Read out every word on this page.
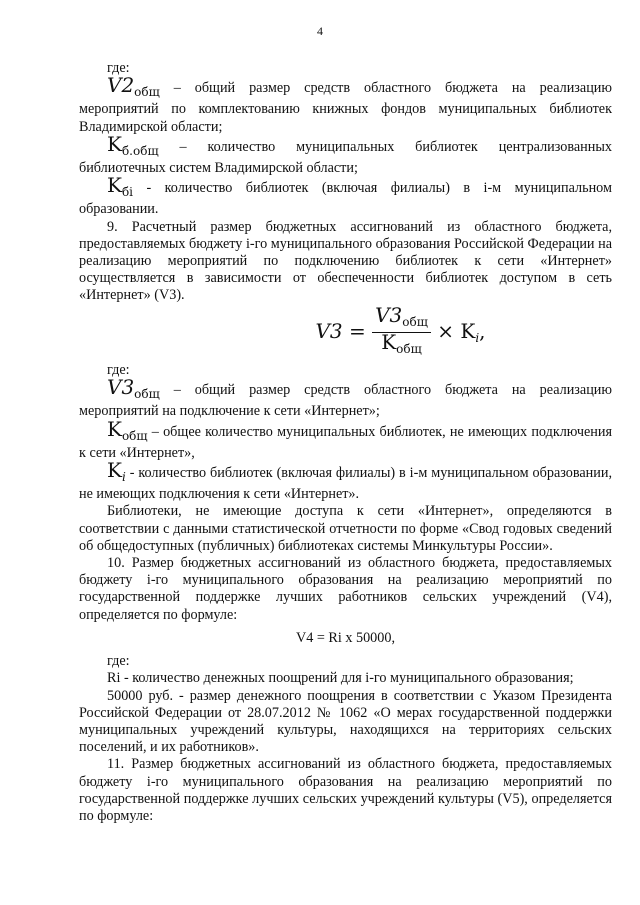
4

где:

$V2_{общ}$ – общий размер средств областного бюджета на реализацию мероприятий по комплектованию книжных фондов муниципальных библиотек Владимирской области;

$K_{б.общ}$ – количество муниципальных библиотек централизованных библиотечных систем Владимирской области;

$K_{бi}$ - количество библиотек (включая филиалы) в i-м муниципальном образовании.

9. Расчетный размер бюджетных ассигнований из областного бюджета, предоставляемых бюджету i-го муниципального образования Российской Федерации на реализацию мероприятий по подключению библиотек к сети «Интернет» осуществляется в зависимости от обеспеченности библиотек доступом в сеть «Интернет» (V3).

$V3 = \frac{V3_{общ}}{K_{общ}} \times K_i$,

где:

$V3_{общ}$ – общий размер средств областного бюджета на реализацию мероприятий на подключение к сети «Интернет»;

$K_{общ}$ – общее количество муниципальных библиотек, не имеющих подключения к сети «Интернет»,

$K_i$ - количество библиотек (включая филиалы) в i-м муниципальном образовании, не имеющих подключения к сети «Интернет».

Библиотеки, не имеющие доступа к сети «Интернет», определяются в соответствии с данными статистической отчетности по форме «Свод годовых сведений об общедоступных (публичных) библиотеках системы Минкультуры России».

10. Размер бюджетных ассигнований из областного бюджета, предоставляемых бюджету i-го муниципального образования на реализацию мероприятий по государственной поддержке лучших работников сельских учреждений (V4), определяется по формуле:

V4 = Ri x 50000,

где:

Ri - количество денежных поощрений для i-го муниципального образования;

50000 руб. - размер денежного поощрения в соответствии с Указом Президента Российской Федерации от 28.07.2012 № 1062 «О мерах государственной поддержки муниципальных учреждений культуры, находящихся на территориях сельских поселений, и их работников».

11. Размер бюджетных ассигнований из областного бюджета, предоставляемых бюджету i-го муниципального образования на реализацию мероприятий по государственной поддержке лучших сельских учреждений культуры (V5), определяется по формуле:
